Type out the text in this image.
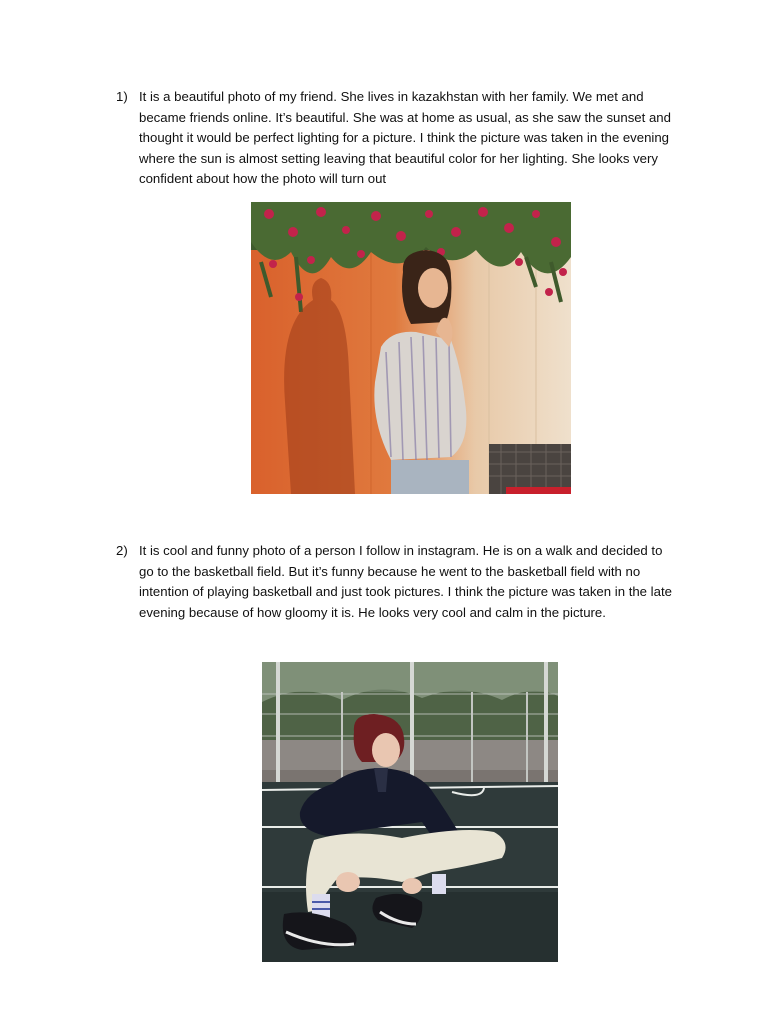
1) It is a beautiful photo of my friend. She lives in kazakhstan with her family. We met and became friends online. It’s beautiful. She was at home as usual, as she saw the sunset and thought it would be perfect lighting for a picture. I think the picture was taken in the evening where the sun is almost setting leaving that beautiful color for her lighting. She looks very confident about how the photo will turn out

2) It is cool and funny photo of a person I follow in instagram. He is on a walk and decided to go to the basketball field. But it’s funny because he went to the basketball field with no intention of playing basketball and just took pictures. I think the picture was taken in the late evening because of how gloomy it is. He looks very cool and calm in the picture.
